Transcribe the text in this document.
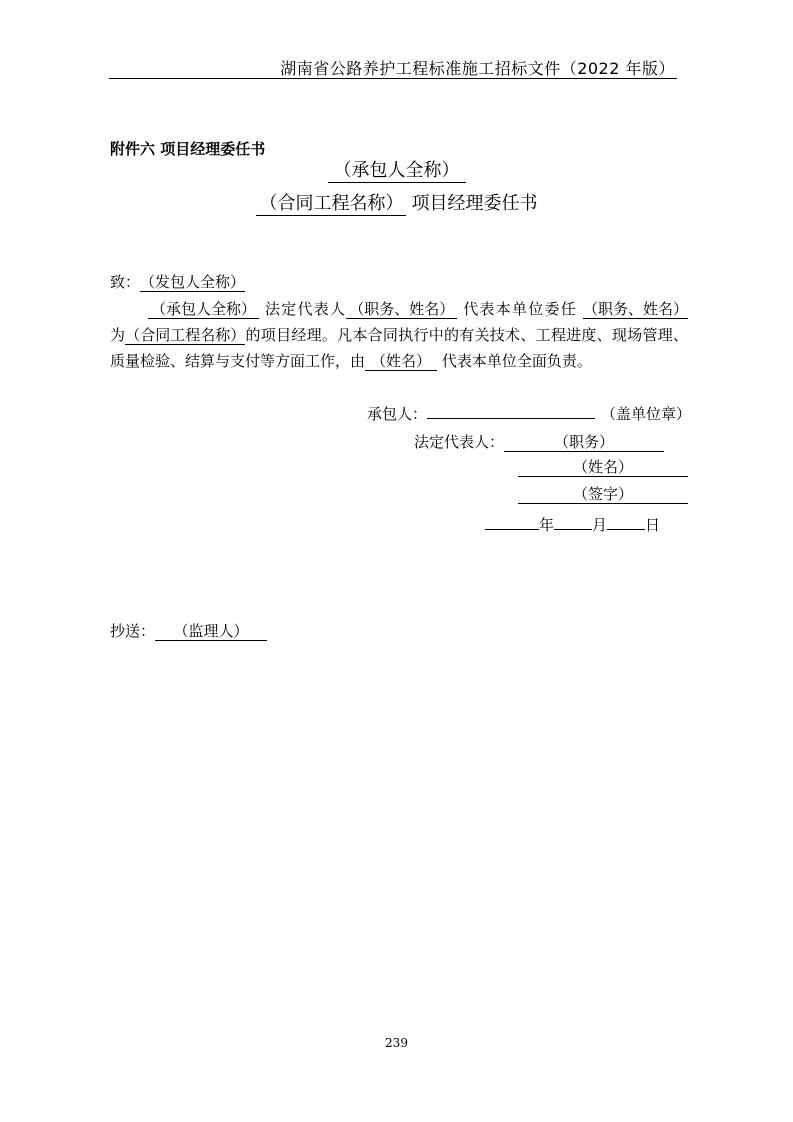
湖南省公路养护工程标准施工招标文件（2022 年版）
附件六 项目经理委任书
（承包人全称）
（合同工程名称） 项目经理委任书
致：（发包人全称）
（承包人全称） 法定代表人 （职务、姓名） 代表本单位委任 （职务、姓名） 为（合同工程名称）的项目经理。凡本合同执行中的有关技术、工程进度、现场管理、质量检验、结算与支付等方面工作，由 （姓名） 代表本单位全面负责。
承包人：	（盖单位章）
法定代表人：	（职务）
（姓名）
（签字）
年	月	日
抄送： （监理人）
239
